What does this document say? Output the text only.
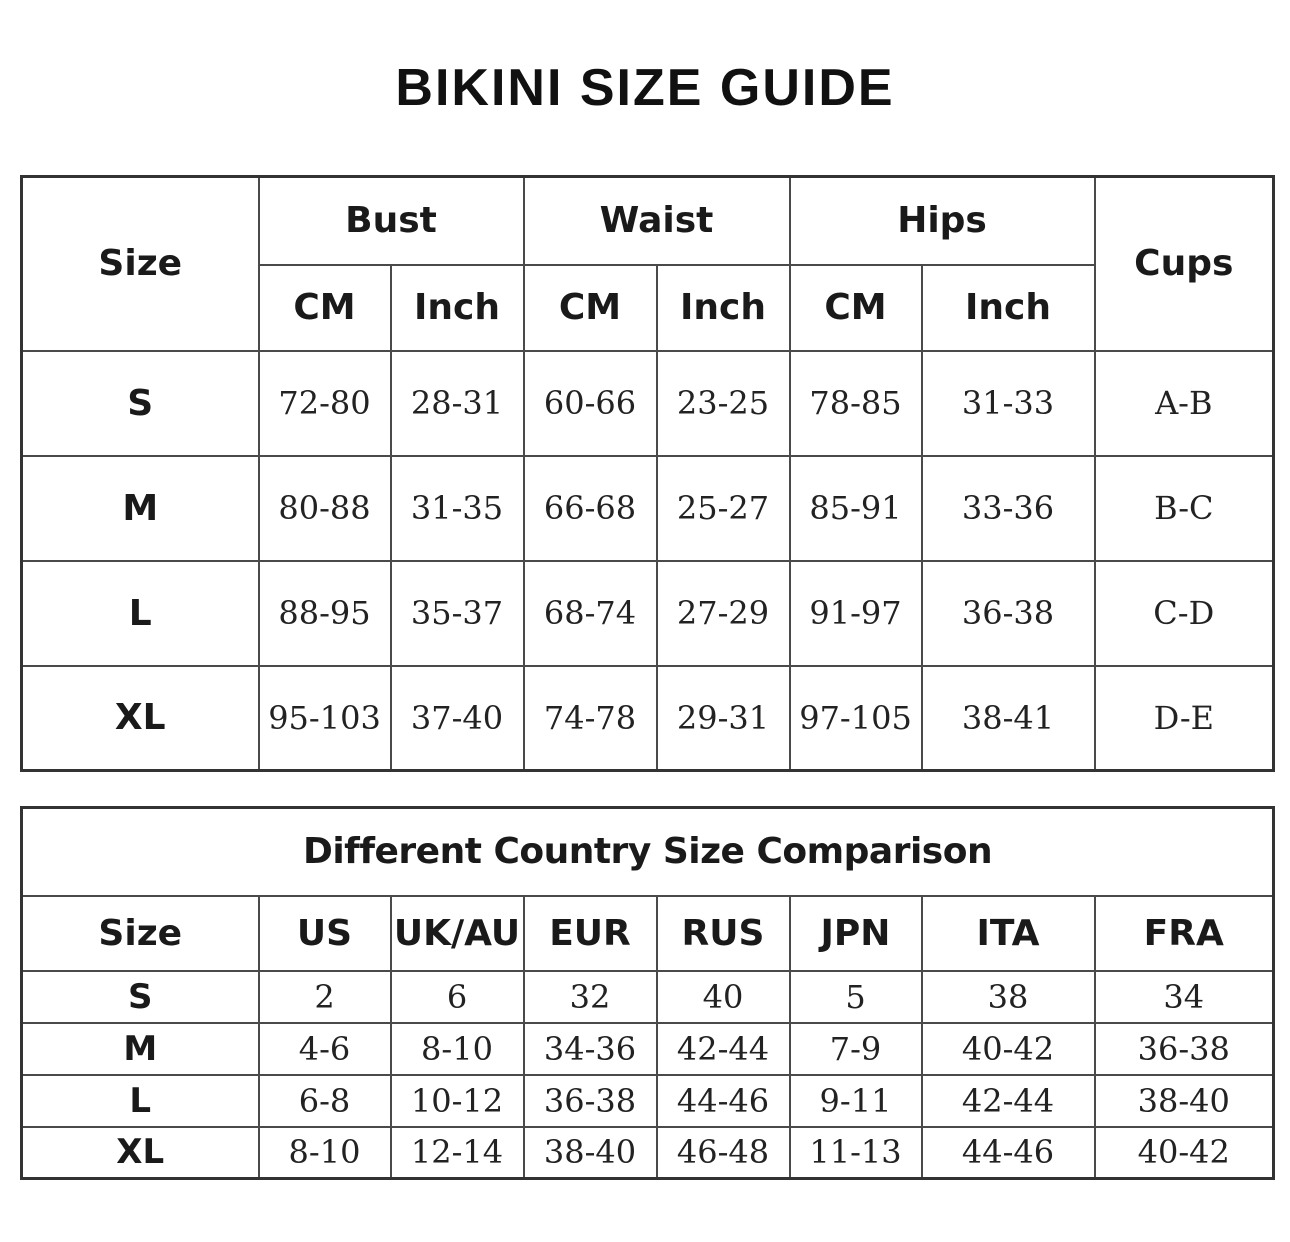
BIKINI SIZE GUIDE
Size	Bust		Waist		Hips		Cups
	CM	Inch	CM	Inch	CM	Inch	
S	72-80	28-31	60-66	23-25	78-85	31-33	A-B
M	80-88	31-35	66-68	25-27	85-91	33-36	B-C
L	88-95	35-37	68-74	27-29	91-97	36-38	C-D
XL	95-103	37-40	74-78	29-31	97-105	38-41	D-E
Different Country Size Comparison							
Size	US	UK/AU	EUR	RUS	JPN	ITA	FRA
S	2	6	32	40	5	38	34
M	4-6	8-10	34-36	42-44	7-9	40-42	36-38
L	6-8	10-12	36-38	44-46	9-11	42-44	38-40
XL	8-10	12-14	38-40	46-48	11-13	44-46	40-42
